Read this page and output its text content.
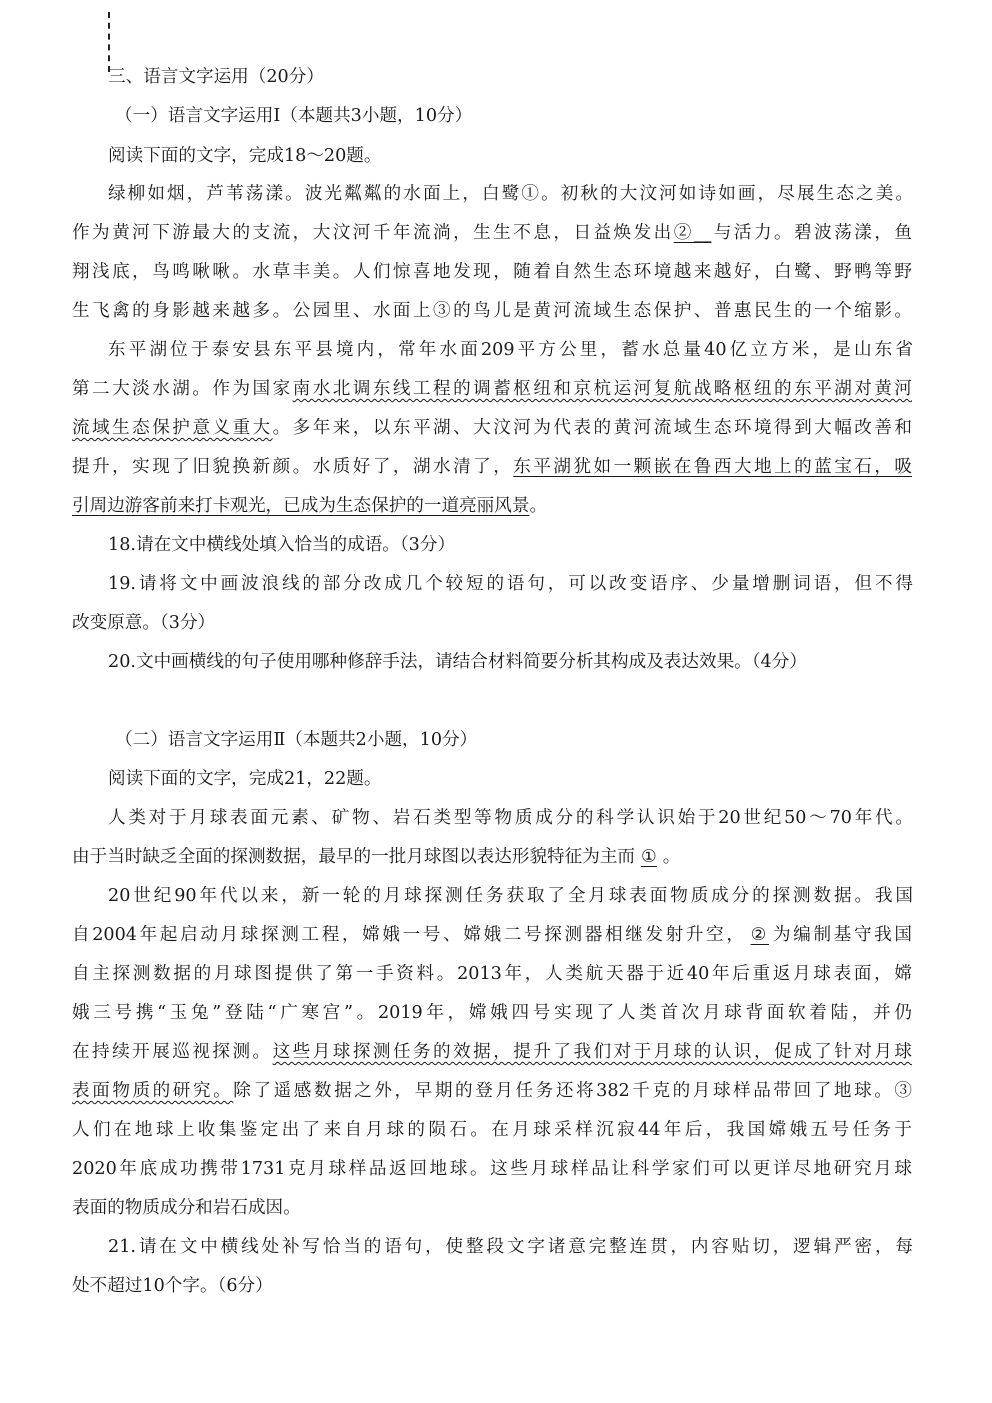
三、语言文字运用（20分）
（一）语言文字运用Ⅰ（本题共3小题，10分）
阅读下面的文字，完成18～20题。
绿柳如烟，芦苇荡漾。波光粼粼的水面上，白鹭①。初秋的大汶河如诗如画，尽展生态之美。
作为黄河下游最大的支流，大汶河千年流淌，生生不息，日益焕发出②__与活力。碧波荡漾，鱼
翔浅底，鸟鸣啾啾。水草丰美。人们惊喜地发现，随着自然生态环境越来越好，白鹭、野鸭等野
生飞禽的身影越来越多。公园里、水面上③的鸟儿是黄河流域生态保护、普惠民生的一个缩影。
东平湖位于泰安县东平县境内，常年水面209平方公里，蓄水总量40亿立方米，是山东省
第二大淡水湖。作为国家南水北调东线工程的调蓄枢纽和京杭运河复航战略枢纽的东平湖对黄河
流域生态保护意义重大。多年来，以东平湖、大汶河为代表的黄河流域生态环境得到大幅改善和
提升，实现了旧貌换新颜。水质好了，湖水清了，东平湖犹如一颗嵌在鲁西大地上的蓝宝石，吸
引周边游客前来打卡观光，已成为生态保护的一道亮丽风景。
18.请在文中横线处填入恰当的成语。（3分）
19.请将文中画波浪线的部分改成几个较短的语句，可以改变语序、少量增删词语，但不得
改变原意。（3分）
20.文中画横线的句子使用哪种修辞手法，请结合材料简要分析其构成及表达效果。（4分）
（二）语言文字运用Ⅱ（本题共2小题，10分）
阅读下面的文字，完成21，22题。
人类对于月球表面元素、矿物、岩石类型等物质成分的科学认识始于20世纪50～70年代。
由于当时缺乏全面的探测数据，最早的一批月球图以表达形貌特征为主而 ① 。
20世纪90年代以来，新一轮的月球探测任务获取了全月球表面物质成分的探测数据。我国
自2004年起启动月球探测工程，嫦娥一号、嫦娥二号探测器相继发射升空， ② 为编制基守我国
自主探测数据的月球图提供了第一手资料。2013年，人类航天器于近40年后重返月球表面，嫦
娥三号携“玉兔”登陆“广寒宫”。2019年，嫦娥四号实现了人类首次月球背面软着陆，并仍
在持续开展巡视探测。这些月球探测任务的效据，提升了我们对于月球的认识，促成了针对月球
表面物质的研究。除了遥感数据之外，早期的登月任务还将382千克的月球样品带回了地球。③
人们在地球上收集鉴定出了来自月球的陨石。在月球采样沉寂44年后，我国嫦娥五号任务于
2020年底成功携带1731克月球样品返回地球。这些月球样品让科学家们可以更详尽地研究月球
表面的物质成分和岩石成因。
21.请在文中横线处补写恰当的语句，使整段文字诸意完整连贯，内容贴切，逻辑严密，每
处不超过10个字。（6分）
